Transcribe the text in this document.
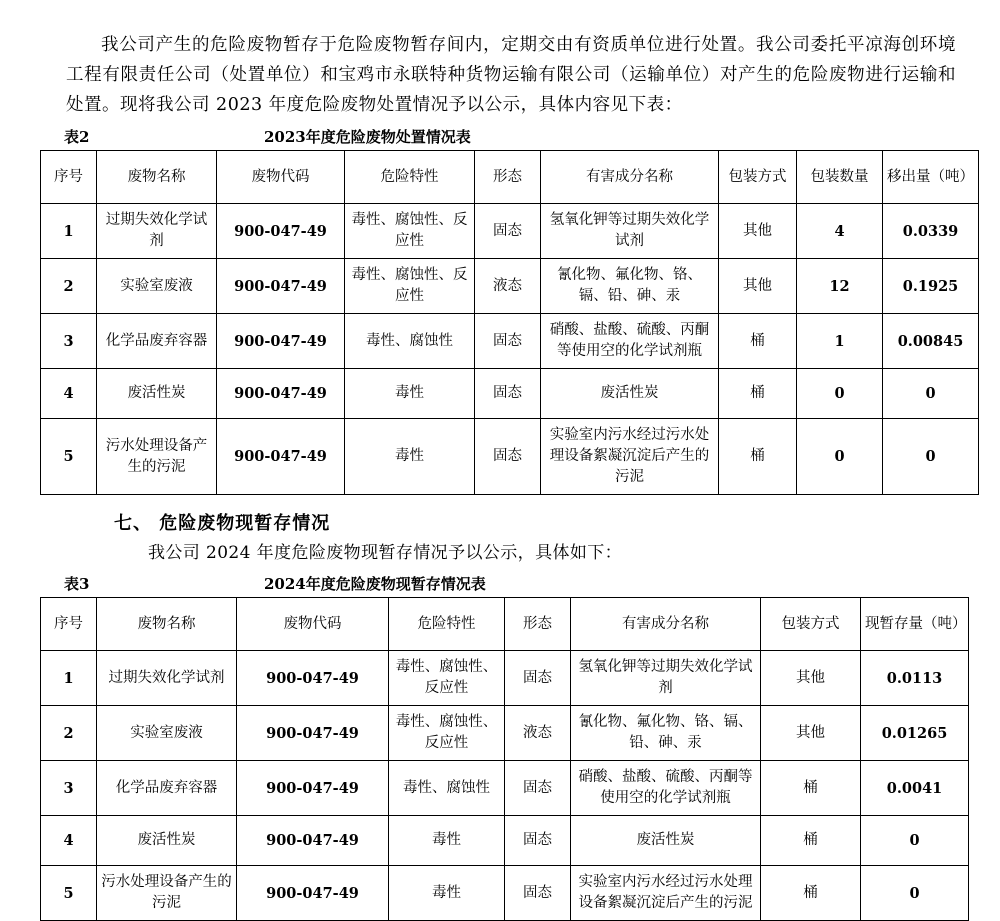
我公司产生的危险废物暂存于危险废物暂存间内，定期交由有资质单位进行处置。我公司委托平凉海创环境工程有限责任公司（处置单位）和宝鸡市永联特种货物运输有限公司（运输单位）对产生的危险废物进行运输和处置。现将我公司 2023 年度危险废物处置情况予以公示，具体内容见下表：

表2	2023年度危险废物处置情况表
序号	废物名称	废物代码	危险特性	形态	有害成分名称	包装方式	包装数量	移出量（吨）
1	过期失效化学试剂	900-047-49	毒性、腐蚀性、反应性	固态	氢氧化钾等过期失效化学试剂	其他	4	0.0339
2	实验室废液	900-047-49	毒性、腐蚀性、反应性	液态	氰化物、氟化物、铬、镉、铅、砷、汞	其他	12	0.1925
3	化学品废弃容器	900-047-49	毒性、腐蚀性	固态	硝酸、盐酸、硫酸、丙酮等使用空的化学试剂瓶	桶	1	0.00845
4	废活性炭	900-047-49	毒性	固态	废活性炭	桶	0	0
5	污水处理设备产生的污泥	900-047-49	毒性	固态	实验室内污水经过污水处理设备絮凝沉淀后产生的污泥	桶	0	0
七、 危险废物现暂存情况

我公司 2024 年度危险废物现暂存情况予以公示，具体如下：

表3	2024年度危险废物现暂存情况表
序号	废物名称	废物代码	危险特性	形态	有害成分名称	包装方式	现暂存量（吨）
1	过期失效化学试剂	900-047-49	毒性、腐蚀性、反应性	固态	氢氧化钾等过期失效化学试剂	其他	0.0113
2	实验室废液	900-047-49	毒性、腐蚀性、反应性	液态	氰化物、氟化物、铬、镉、铅、砷、汞	其他	0.01265
3	化学品废弃容器	900-047-49	毒性、腐蚀性	固态	硝酸、盐酸、硫酸、丙酮等使用空的化学试剂瓶	桶	0.0041
4	废活性炭	900-047-49	毒性	固态	废活性炭	桶	0
5	污水处理设备产生的污泥	900-047-49	毒性	固态	实验室内污水经过污水处理设备絮凝沉淀后产生的污泥	桶	0
